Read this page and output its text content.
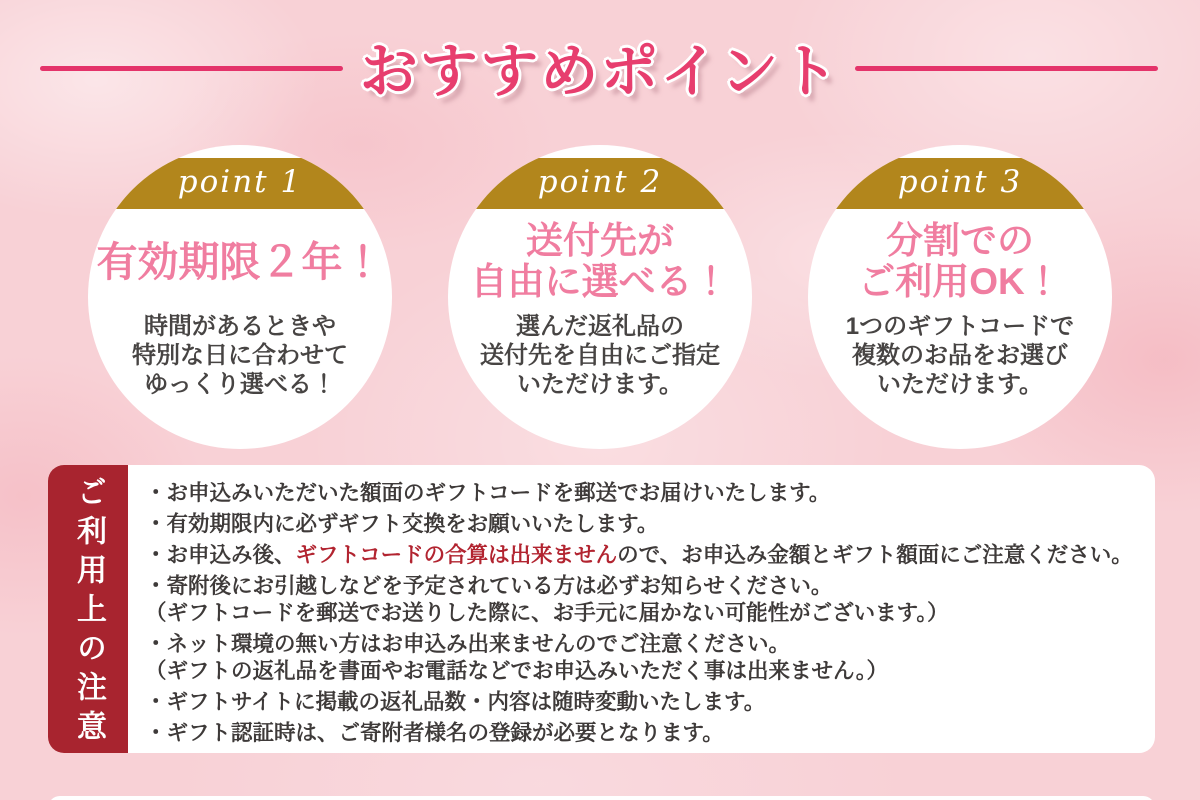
おすすめポイント
point 1
有効期限２年！
時間があるときや
特別な日に合わせて
ゆっくり選べる！
point 2
送付先が
自由に選べる！
選んだ返礼品の
送付先を自由にご指定
いただけます。
point 3
分割での
ご利用OK！
1つのギフトコードで
複数のお品をお選び
いただけます。
ご利用上の注意 ・お申込みいただいた額面のギフトコードを郵送でお届けいたします。
・有効期限内に必ずギフト交換をお願いいたします。
・お申込み後、ギフトコードの合算は出来ませんので、お申込み金額とギフト額面にご注意ください。
・寄附後にお引越しなどを予定されている方は必ずお知らせください。
（ギフトコードを郵送でお送りした際に、お手元に届かない可能性がございます。）
・ネット環境の無い方はお申込み出来ませんのでご注意ください。
（ギフトの返礼品を書面やお電話などでお申込みいただく事は出来ません。）
・ギフトサイトに掲載の返礼品数・内容は随時変動いたします。
・ギフト認証時は、ご寄附者様名の登録が必要となります。
